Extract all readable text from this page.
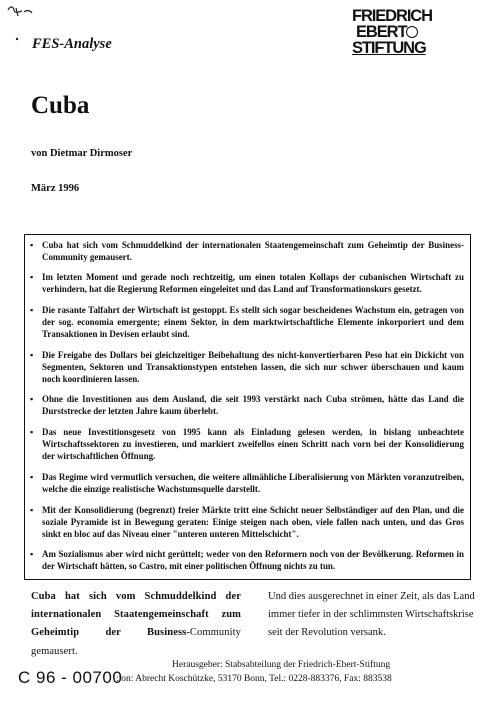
FES-Analyse
FRIEDRICH
EBERT
STIFTUNG
Cuba
von Dietmar Dirmoser
März 1996
▪ Cuba hat sich vom Schmuddelkind der internationalen Staatengemeinschaft zum Geheimtip der Business-Community gemausert.
▪ Im letzten Moment und gerade noch rechtzeitig, um einen totalen Kollaps der cubanischen Wirtschaft zu verhindern, hat die Regierung Reformen eingeleitet und das Land auf Transformationskurs gesetzt.
▪ Die rasante Talfahrt der Wirtschaft ist gestoppt. Es stellt sich sogar bescheidenes Wachstum ein, getragen von der sog. economia emergente; einem Sektor, in dem marktwirtschaftliche Elemente inkorporiert und dem Transaktionen in Devisen erlaubt sind.
▪ Die Freigabe des Dollars bei gleichzeitiger Beibehaltung des nicht-konvertierbaren Peso hat ein Dickicht von Segmenten, Sektoren und Transaktionstypen entstehen lassen, die sich nur schwer überschauen und kaum noch koordinieren lassen.
▪ Ohne die Investitionen aus dem Ausland, die seit 1993 verstärkt nach Cuba strömen, hätte das Land die Durststrecke der letzten Jahre kaum überlebt.
▪ Das neue Investitionsgesetz von 1995 kann als Einladung gelesen werden, in bislang unbeachtete Wirtschaftssektoren zu investieren, und markiert zweifellos einen Schritt nach vorn bei der Konsolidierung der wirtschaftlichen Öffnung.
▪ Das Regime wird vermutlich versuchen, die weitere allmähliche Liberalisierung von Märkten voranzutreiben, welche die einzige realistische Wachstumsquelle darstellt.
▪ Mit der Konsolidierung (begrenzt) freier Märkte tritt eine Schicht neuer Selbständiger auf den Plan, und die soziale Pyramide ist in Bewegung geraten: Einige steigen nach oben, viele fallen nach unten, und das Gros sinkt en bloc auf das Niveau einer "unteren unteren Mittelschicht".
▪ Am Sozialismus aber wird nicht gerüttelt; weder von den Reformern noch von der Bevölkerung. Reformen in der Wirtschaft hätten, so Castro, mit einer politischen Öffnung nichts zu tun.
Cuba hat sich vom Schmuddelkind der internationalen Staatengemeinschaft zum Geheimtip der Business-Community gemausert.
Und dies ausgerechnet in einer Zeit, als das Land immer tiefer in der schlimmsten Wirtschaftskrise seit der Revolution versank.
C 96 - 00700
Herausgeber: Stabsabteilung der Friedrich-Ebert-Stiftung
:ion: Abrecht Koschützke, 53170 Bonn, Tel.: 0228-883376, Fax: 883538
